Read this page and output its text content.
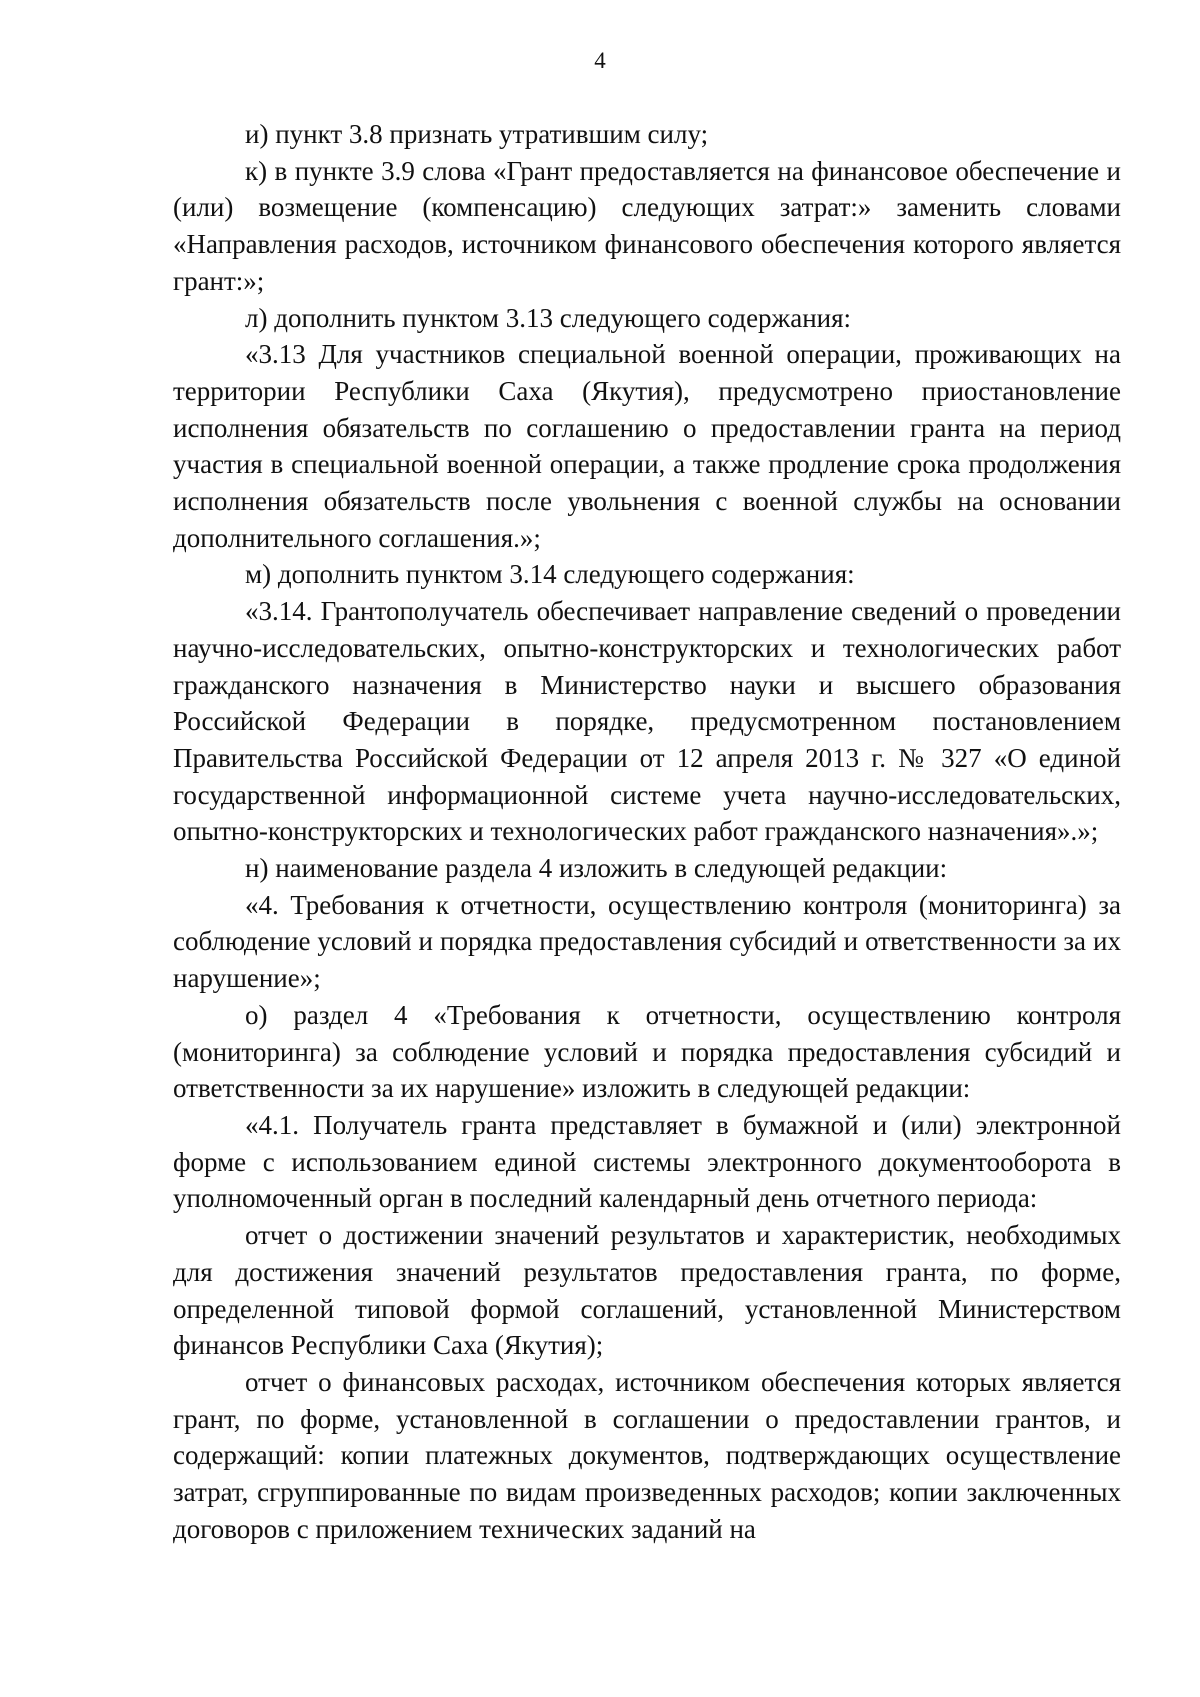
4

и) пункт 3.8 признать утратившим силу;

к) в пункте 3.9 слова «Грант предоставляется на финансовое обеспечение и (или) возмещение (компенсацию) следующих затрат:» заменить словами «Направления расходов, источником финансового обеспечения которого является грант:»;

л) дополнить пунктом 3.13 следующего содержания:

«3.13 Для участников специальной военной операции, проживающих на территории Республики Саха (Якутия), предусмотрено приостановление исполнения обязательств по соглашению о предоставлении гранта на период участия в специальной военной операции, а также продление срока продолжения исполнения обязательств после увольнения с военной службы на основании дополнительного соглашения.»;

м) дополнить пунктом 3.14 следующего содержания:

«3.14. Грантополучатель обеспечивает направление сведений о проведении научно-исследовательских, опытно-конструкторских и технологических работ гражданского назначения в Министерство науки и высшего образования Российской Федерации в порядке, предусмотренном постановлением Правительства Российской Федерации от 12 апреля 2013 г. № 327 «О единой государственной информационной системе учета научно-исследовательских, опытно-конструкторских и технологических работ гражданского назначения».»;

н) наименование раздела 4 изложить в следующей редакции:

«4. Требования к отчетности, осуществлению контроля (мониторинга) за соблюдение условий и порядка предоставления субсидий и ответственности за их нарушение»;

о) раздел 4 «Требования к отчетности, осуществлению контроля (мониторинга) за соблюдение условий и порядка предоставления субсидий и ответственности за их нарушение» изложить в следующей редакции:

«4.1. Получатель гранта представляет в бумажной и (или) электронной форме с использованием единой системы электронного документооборота в уполномоченный орган в последний календарный день отчетного периода:

отчет о достижении значений результатов и характеристик, необходимых для достижения значений результатов предоставления гранта, по форме, определенной типовой формой соглашений, установленной Министерством финансов Республики Саха (Якутия);

отчет о финансовых расходах, источником обеспечения которых является грант, по форме, установленной в соглашении о предоставлении грантов, и содержащий: копии платежных документов, подтверждающих осуществление затрат, сгруппированные по видам произведенных расходов; копии заключенных договоров с приложением технических заданий на
